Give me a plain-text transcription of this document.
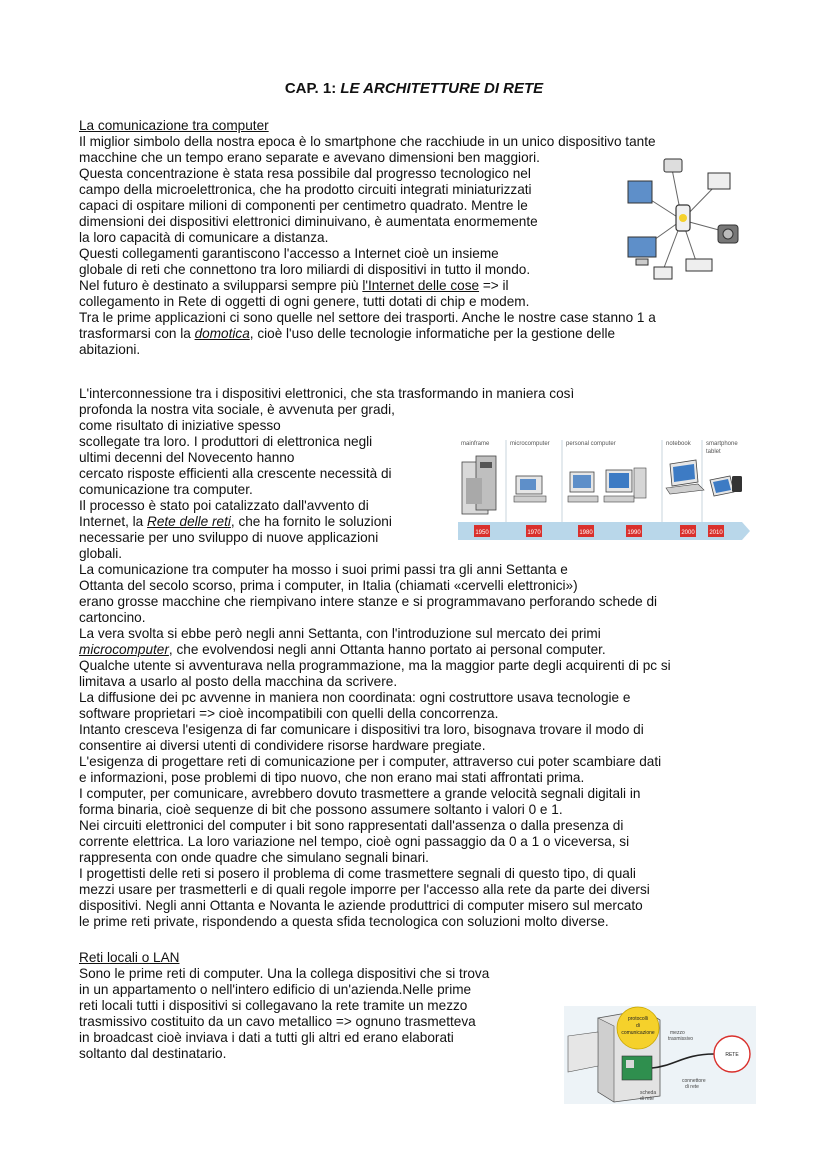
CAP. 1: LE ARCHITETTURE DI RETE
La comunicazione tra computer
Il miglior simbolo della nostra epoca è lo smartphone che racchiude in un unico dispositivo tante
macchine che un tempo erano separate e avevano dimensioni ben maggiori.
Questa concentrazione è stata resa possibile dal progresso tecnologico nel
campo della microelettronica, che ha prodotto circuiti integrati miniaturizzati
capaci di ospitare milioni di componenti per centimetro quadrato. Mentre le
dimensioni dei dispositivi elettronici diminuivano, è aumentata enormemente
la loro capacità di comunicare a distanza.
Questi collegamenti garantiscono l'accesso a Internet cioè un insieme
globale di reti che connettono tra loro miliardi di dispositivi in tutto il mondo.
Nel futuro è destinato a svilupparsi sempre più l'Internet delle cose => il
collegamento in Rete di oggetti di ogni genere, tutti dotati di chip e modem.
Tra le prime applicazioni ci sono quelle nel settore dei trasporti. Anche le nostre case stanno 1 a
trasformarsi con la domotica, cioè l'uso delle tecnologie informatiche per la gestione delle
abitazioni.
L'interconnessione tra i dispositivi elettronici, che sta trasformando in maniera così
profonda la nostra vita sociale, è avvenuta per gradi,
come risultato di iniziative spesso
scollegate tra loro. I produttori di elettronica negli
ultimi decenni del Novecento hanno
cercato risposte efficienti alla crescente necessità di
comunicazione tra computer.
Il processo è stato poi catalizzato dall'avvento di
Internet, la Rete delle reti, che ha fornito le soluzioni
necessarie per uno sviluppo di nuove applicazioni
globali.
La comunicazione tra computer ha mosso i suoi primi passi tra gli anni Settanta e
Ottanta del secolo scorso, prima i computer, in Italia (chiamati «cervelli elettronici»)
erano grosse macchine che riempivano intere stanze e si programmavano perforando schede di
cartoncino.
La vera svolta si ebbe però negli anni Settanta, con l'introduzione sul mercato dei primi
microcomputer, che evolvendosi negli anni Ottanta hanno portato ai personal computer.
Qualche utente si avventurava nella programmazione, ma la maggior parte degli acquirenti di pc si
limitava a usarlo al posto della macchina da scrivere.
La diffusione dei pc avvenne in maniera non coordinata: ogni costruttore usava tecnologie e
software proprietari => cioè incompatibili con quelli della concorrenza.
Intanto cresceva l'esigenza di far comunicare i dispositivi tra loro, bisognava trovare il modo di
consentire ai diversi utenti di condividere risorse hardware pregiate.
L'esigenza di progettare reti di comunicazione per i computer, attraverso cui poter scambiare dati
e informazioni, pose problemi di tipo nuovo, che non erano mai stati affrontati prima.
I computer, per comunicare, avrebbero dovuto trasmettere a grande velocità segnali digitali in
forma binaria, cioè sequenze di bit che possono assumere soltanto i valori 0 e 1.
Nei circuiti elettronici del computer i bit sono rappresentati dall'assenza o dalla presenza di
corrente elettrica. La loro variazione nel tempo, cioè ogni passaggio da 0 a 1 o viceversa, si
rappresenta con onde quadre che simulano segnali binari.
I progettisti delle reti si posero il problema di come trasmettere segnali di questo tipo, di quali
mezzi usare per trasmetterli e di quali regole imporre per l'accesso alla rete da parte dei diversi
dispositivi. Negli anni Ottanta e Novanta le aziende produttrici di computer misero sul mercato
le prime reti private, rispondendo a questa sfida tecnologica con soluzioni molto diverse.
mainframe	microcomputer	personal computer	notebook	smartphone
tablet
1950	1970	1980	1990	2000 2010
Reti locali o LAN
Sono le prime reti di computer. Una la collega dispositivi che si trova
in un appartamento o nell'intero edificio di un'azienda.Nelle prime
reti locali tutti i dispositivi si collegavano la rete tramite un mezzo
trasmissivo costituito da un cavo metallico => ognuno trasmetteva
in broadcast cioè inviava i dati a tutti gli altri ed erano elaborati
soltanto dal destinatario.
protocolli
di
comunicazione	mezzo
trasmissivo
RETE
connettore
di rete
scheda
di rete
